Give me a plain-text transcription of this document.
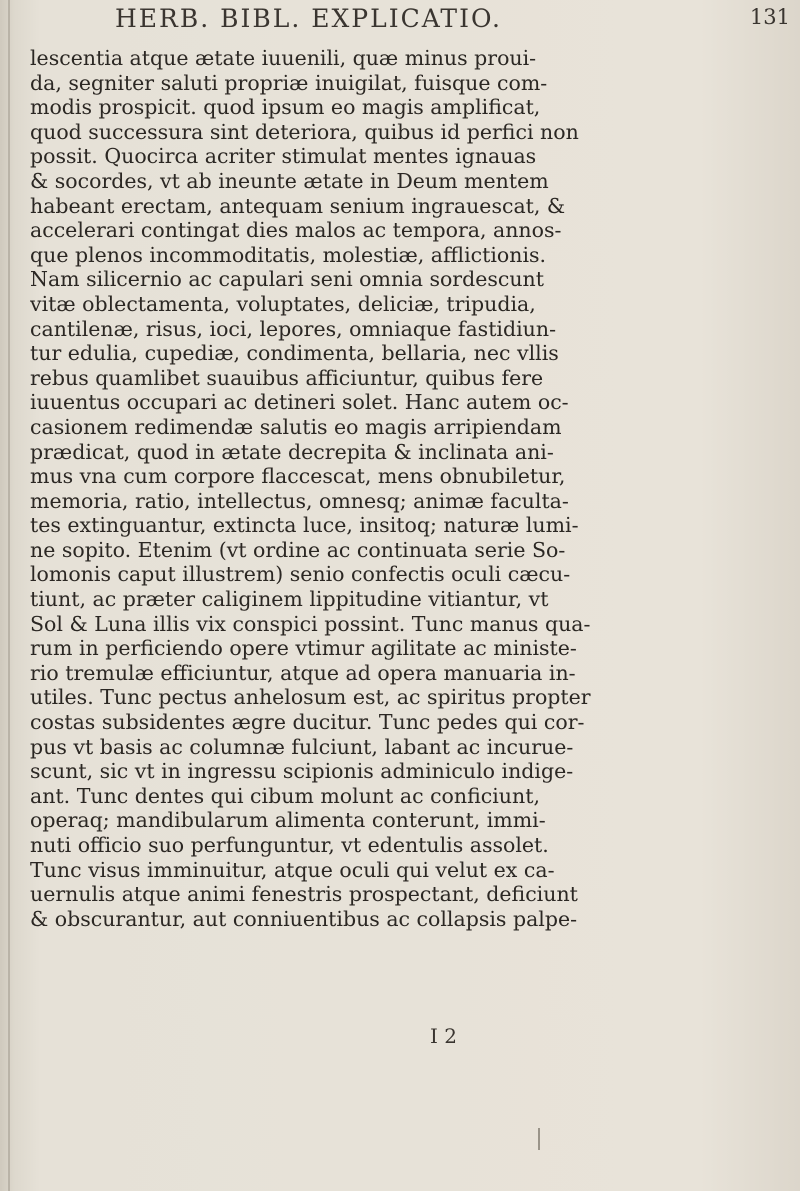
HERB. BIBL. EXPLICATIO.	131
lescentia atque ætate iuuenili, quæ minus proui-
da, segniter saluti propriæ inuigilat, fuisque com-
modis prospicit. quod ipsum eo magis amplificat,
quod successura sint deteriora, quibus id perfici non
possit. Quocirca acriter stimulat mentes ignauas
& socordes, vt ab ineunte ætate in Deum mentem
habeant erectam, antequam senium ingrauescat, &
accelerari contingat dies malos ac tempora, annos-
que plenos incommoditatis, molestiæ, afflictionis.
Nam silicernio ac capulari seni omnia sordescunt
vitæ oblectamenta, voluptates, deliciæ, tripudia,
cantilenæ, risus, ioci, lepores, omniaque fastidiun-
tur edulia, cupediæ, condimenta, bellaria, nec vllis
rebus quamlibet suauibus afficiuntur, quibus fere
iuuentus occupari ac detineri solet. Hanc autem oc-
casionem redimendæ salutis eo magis arripiendam
prædicat, quod in ætate decrepita & inclinata ani-
mus vna cum corpore flaccescat, mens obnubiletur,
memoria, ratio, intellectus, omnesq; animæ faculta-
tes extinguantur, extincta luce, insitoq; naturæ lumi-
ne sopito. Etenim (vt ordine ac continuata serie So-
lomonis caput illustrem) senio confectis oculi cæcu-
tiunt, ac præter caliginem lippitudine vitiantur, vt
Sol & Luna illis vix conspici possint. Tunc manus qua-
rum in perficiendo opere vtimur agilitate ac ministe-
rio tremulæ efficiuntur, atque ad opera manuaria in-
utiles. Tunc pectus anhelosum est, ac spiritus propter
costas subsidentes ægre ducitur. Tunc pedes qui cor-
pus vt basis ac columnæ fulciunt, labant ac incurue-
scunt, sic vt in ingressu scipionis adminiculo indige-
ant. Tunc dentes qui cibum molunt ac conficiunt,
operaq; mandibularum alimenta conterunt, immi-
nuti officio suo perfunguntur, vt edentulis assolet.
Tunc visus imminuitur, atque oculi qui velut ex ca-
uernulis atque animi fenestris prospectant, deficiunt
& obscurantur, aut conniuentibus ac collapsis palpe-
I 2
